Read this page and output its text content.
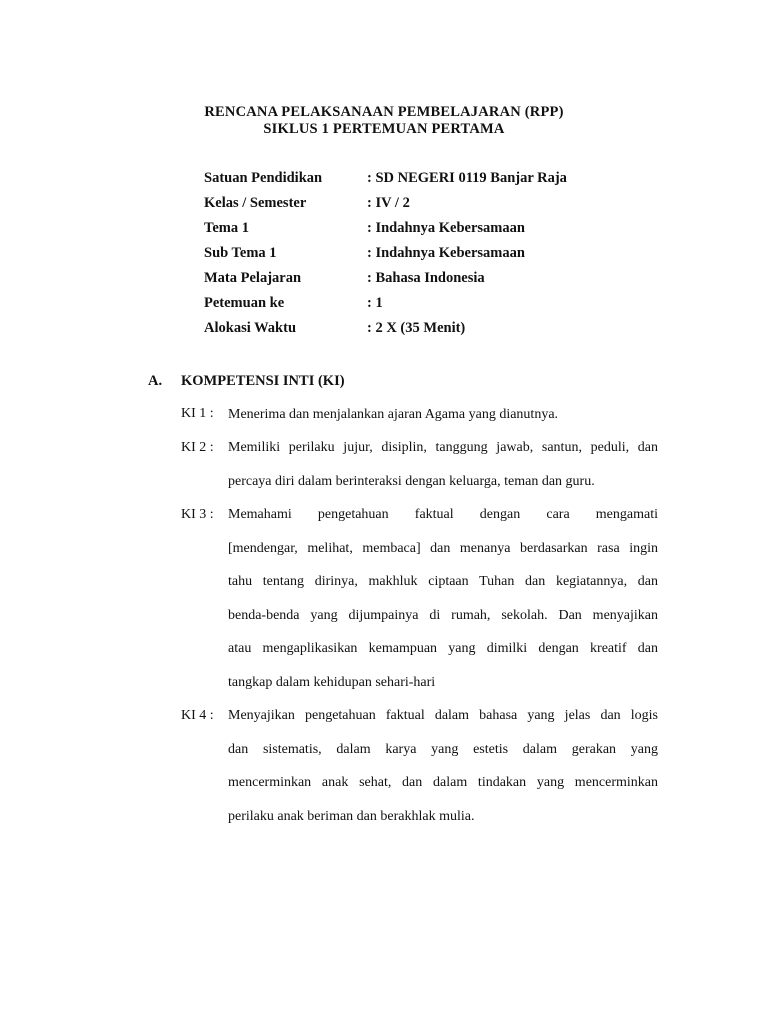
RENCANA PELAKSANAAN PEMBELAJARAN (RPP)
SIKLUS 1 PERTEMUAN PERTAMA
Satuan Pendidikan	: SD NEGERI 0119 Banjar Raja
Kelas / Semester	: IV / 2
Tema 1	: Indahnya Kebersamaan
Sub Tema 1	: Indahnya Kebersamaan
Mata Pelajaran	: Bahasa Indonesia
Petemuan ke	: 1
Alokasi Waktu	: 2 X (35 Menit)
A. KOMPETENSI INTI (KI)
KI 1 : Menerima dan menjalankan ajaran Agama yang dianutnya.
KI 2 : Memiliki perilaku jujur, disiplin, tanggung jawab, santun, peduli, dan
percaya diri dalam berinteraksi dengan keluarga, teman dan guru.
KI 3 : Memahami pengetahuan faktual dengan cara mengamati
[mendengar, melihat, membaca] dan menanya berdasarkan rasa ingin
tahu tentang dirinya, makhluk ciptaan Tuhan dan kegiatannya, dan
benda-benda yang dijumpainya di rumah, sekolah. Dan menyajikan
atau mengaplikasikan kemampuan yang dimilki dengan kreatif dan
tangkap dalam kehidupan sehari-hari
KI 4 : Menyajikan pengetahuan faktual dalam bahasa yang jelas dan logis
dan sistematis, dalam karya yang estetis dalam gerakan yang
mencerminkan anak sehat, dan dalam tindakan yang mencerminkan
perilaku anak beriman dan berakhlak mulia.
